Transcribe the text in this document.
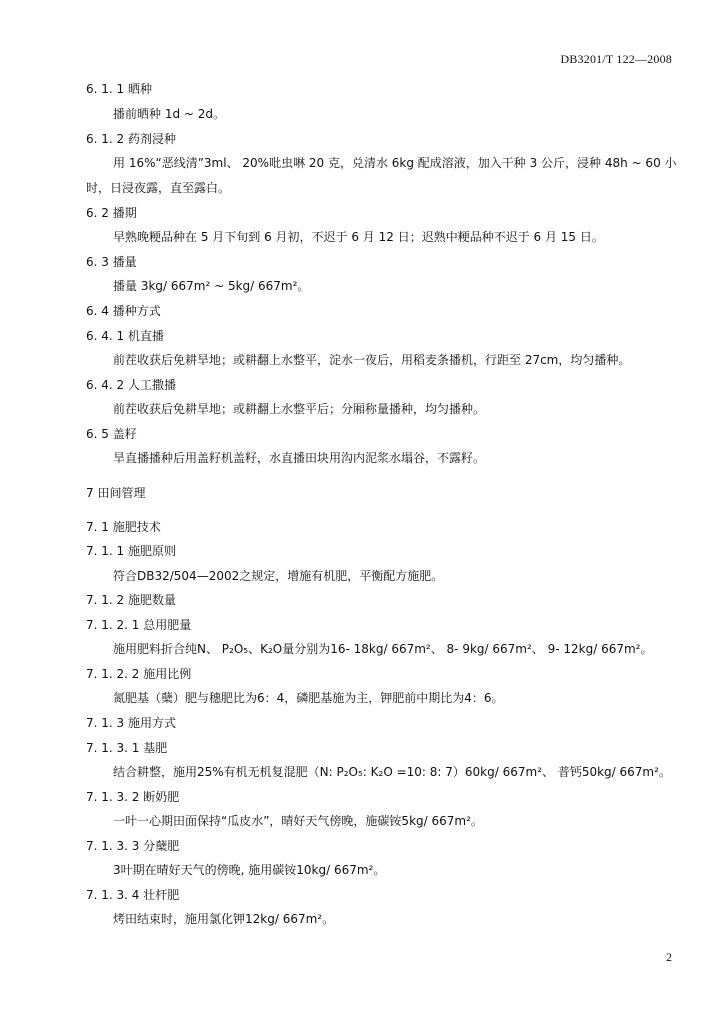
DB3201/T 122—2008
6. 1. 1 晒种
播前晒种 1d ~ 2d。
6. 1. 2 药剂浸种
用 16%“恶线清”3ml、 20%吡虫啉 20 克，兑清水 6kg 配成溶液，加入干种 3 公斤，浸种 48h ~ 60 小
时，日浸夜露，直至露白。
6. 2 播期
早熟晚粳品种在 5 月下旬到 6 月初，不迟于 6 月 12 日；迟熟中粳品种不迟于 6 月 15 日。
6. 3 播量
播量 3kg/ 667m² ~ 5kg/ 667m²。
6. 4 播种方式
6. 4. 1 机直播
前茬收获后免耕旱地；或耕翻上水整平，淀水一夜后，用稻麦条播机，行距至 27cm，均匀播种。
6. 4. 2 人工撒播
前茬收获后免耕旱地；或耕翻上水整平后；分厢称量播种，均匀播种。
6. 5 盖籽
旱直播播种后用盖籽机盖籽，水直播田块用沟内泥浆水塌谷，不露籽。
7 田间管理
7. 1 施肥技术
7. 1. 1 施肥原则
符合DB32/504—2002之规定，增施有机肥，平衡配方施肥。
7. 1. 2 施肥数量
7. 1. 2. 1 总用肥量
施用肥料折合纯N、 P₂O₅、K₂O量分别为16- 18kg/ 667m²、 8- 9kg/ 667m²、 9- 12kg/ 667m²。
7. 1. 2. 2 施用比例
氮肥基（蘖）肥与穗肥比为6：4，磷肥基施为主，钾肥前中期比为4：6。
7. 1. 3 施用方式
7. 1. 3. 1 基肥
结合耕整，施用25%有机无机复混肥（N: P₂O₅: K₂O =10: 8: 7）60kg/ 667m²、 普钙50kg/ 667m²。
7. 1. 3. 2 断奶肥
一叶一心期田面保持“瓜皮水”，晴好天气傍晚，施碳铵5kg/ 667m²。
7. 1. 3. 3 分蘖肥
3叶期在晴好天气的傍晚, 施用碳铵10kg/ 667m²。
7. 1. 3. 4 壮杆肥
烤田结束时，施用氯化钾12kg/ 667m²。
2
